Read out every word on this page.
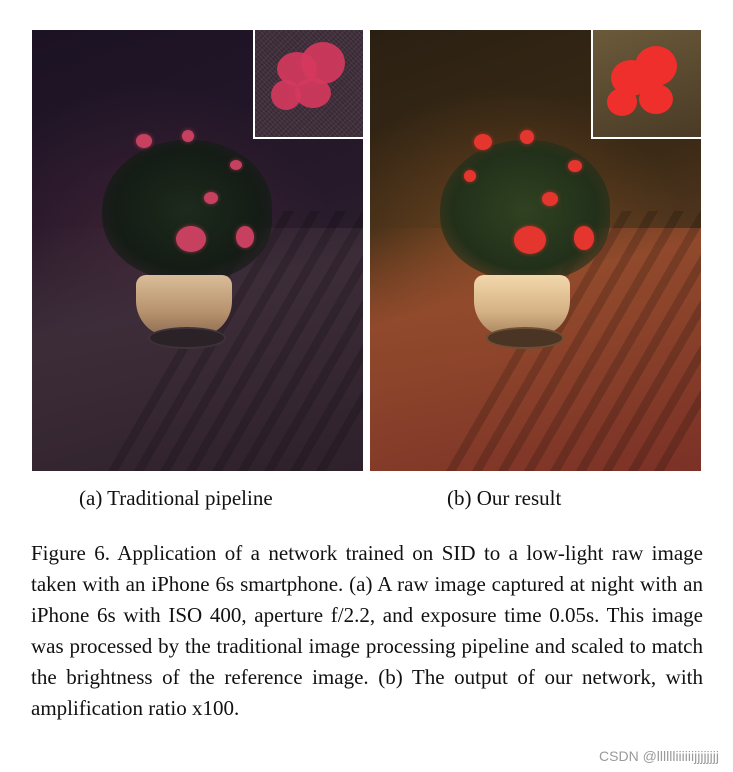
(a) Traditional pipeline	(b) Our result

Figure 6. Application of a network trained on SID to a low-light raw image taken with an iPhone 6s smartphone. (a) A raw image captured at night with an iPhone 6s with ISO 400, aperture f/2.2, and exposure time 0.05s. This image was processed by the traditional image processing pipeline and scaled to match the brightness of the reference image. (b) The output of our network, with amplification ratio x100.

CSDN @lllllliiiiiijjjjjjjj
